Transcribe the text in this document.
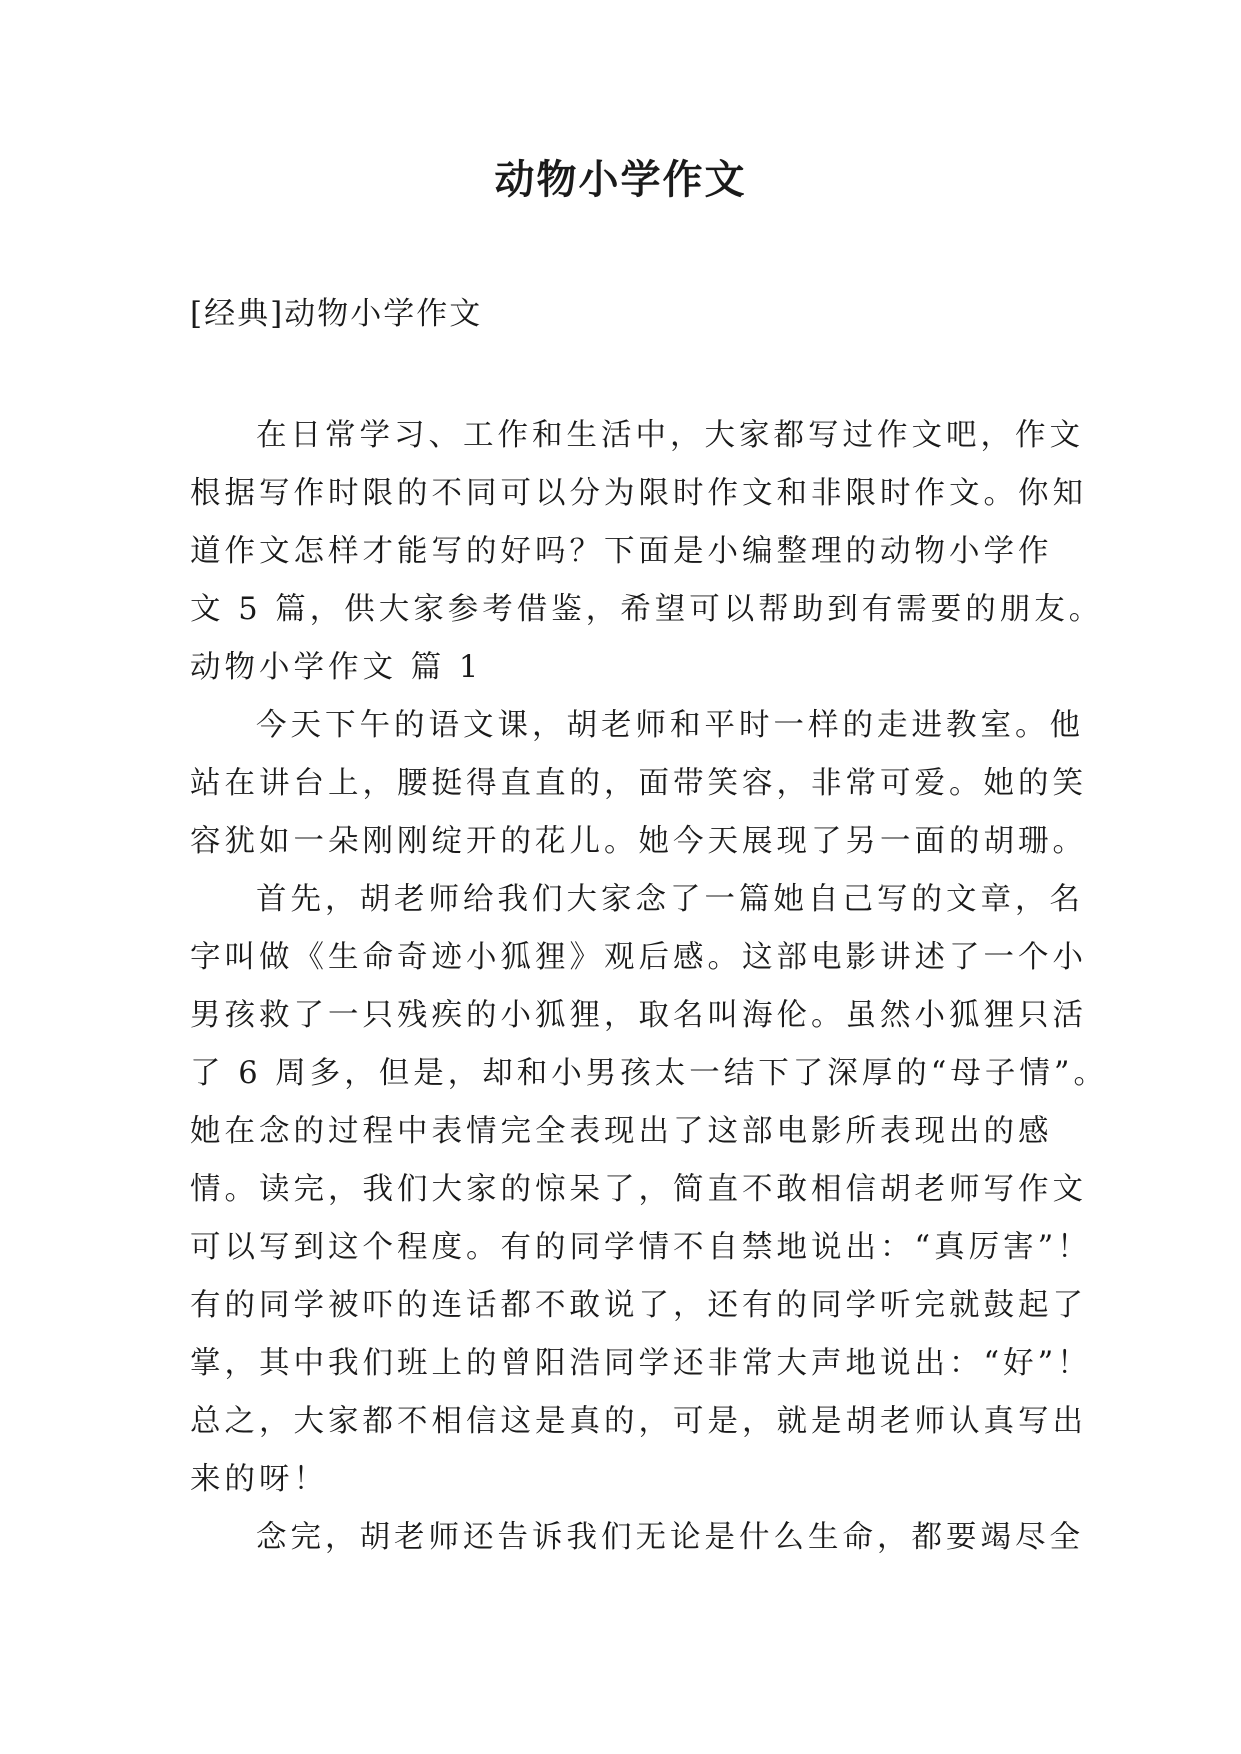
动物小学作文

[经典]动物小学作文

在日常学习、工作和生活中，大家都写过作文吧，作文

根据写作时限的不同可以分为限时作文和非限时作文。你知

道作文怎样才能写的好吗？下面是小编整理的动物小学作

文 5 篇，供大家参考借鉴，希望可以帮助到有需要的朋友。

动物小学作文 篇 1

今天下午的语文课，胡老师和平时一样的走进教室。他

站在讲台上，腰挺得直直的，面带笑容，非常可爱。她的笑

容犹如一朵刚刚绽开的花儿。她今天展现了另一面的胡珊。

首先，胡老师给我们大家念了一篇她自己写的文章，名

字叫做《生命奇迹小狐狸》观后感。这部电影讲述了一个小

男孩救了一只残疾的小狐狸，取名叫海伦。虽然小狐狸只活

了 6 周多，但是，却和小男孩太一结下了深厚的“母子情”。

她在念的过程中表情完全表现出了这部电影所表现出的感

情。读完，我们大家的惊呆了，简直不敢相信胡老师写作文

可以写到这个程度。有的同学情不自禁地说出：“真厉害”！

有的同学被吓的连话都不敢说了，还有的同学听完就鼓起了

掌，其中我们班上的曾阳浩同学还非常大声地说出：“好”！

总之，大家都不相信这是真的，可是，就是胡老师认真写出

来的呀！

念完，胡老师还告诉我们无论是什么生命，都要竭尽全
